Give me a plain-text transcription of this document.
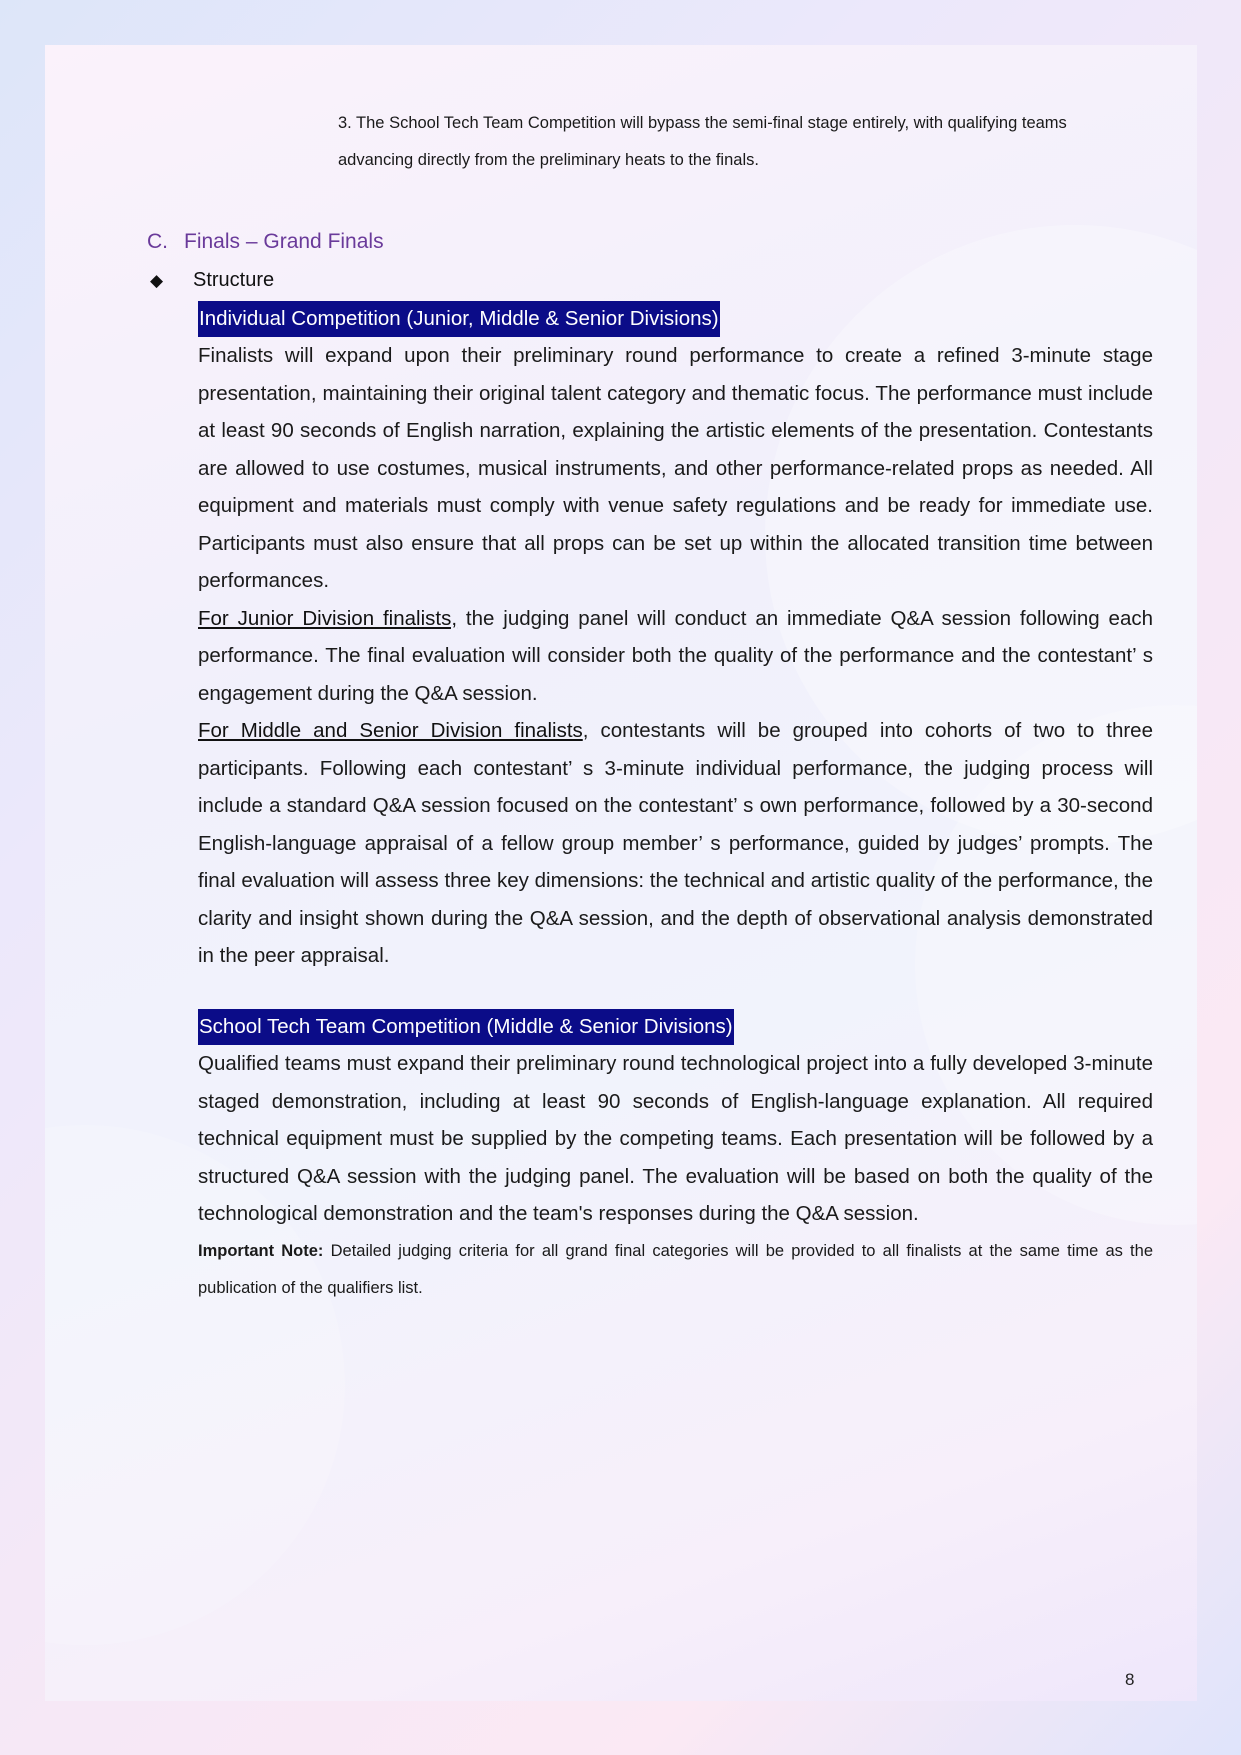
3. The School Tech Team Competition will bypass the semi-final stage entirely, with qualifying teams advancing directly from the preliminary heats to the finals.

C. Finals – Grand Finals
◆ Structure
Individual Competition (Junior, Middle & Senior Divisions)

Finalists will expand upon their preliminary round performance to create a refined 3-minute stage presentation, maintaining their original talent category and thematic focus. The performance must include at least 90 seconds of English narration, explaining the artistic elements of the presentation. Contestants are allowed to use costumes, musical instruments, and other performance-related props as needed. All equipment and materials must comply with venue safety regulations and be ready for immediate use. Participants must also ensure that all props can be set up within the allocated transition time between performances.

For Junior Division finalists, the judging panel will conduct an immediate Q&A session following each performance. The final evaluation will consider both the quality of the performance and the contestant’ s engagement during the Q&A session.

For Middle and Senior Division finalists, contestants will be grouped into cohorts of two to three participants. Following each contestant’ s 3-minute individual performance, the judging process will include a standard Q&A session focused on the contestant’ s own performance, followed by a 30-second English-language appraisal of a fellow group member’ s performance, guided by judges’ prompts. The final evaluation will assess three key dimensions: the technical and artistic quality of the performance, the clarity and insight shown during the Q&A session, and the depth of observational analysis demonstrated in the peer appraisal.

School Tech Team Competition (Middle & Senior Divisions)

Qualified teams must expand their preliminary round technological project into a fully developed 3-minute staged demonstration, including at least 90 seconds of English-language explanation. All required technical equipment must be supplied by the competing teams. Each presentation will be followed by a structured Q&A session with the judging panel. The evaluation will be based on both the quality of the technological demonstration and the team's responses during the Q&A session.

Important Note: Detailed judging criteria for all grand final categories will be provided to all finalists at the same time as the publication of the qualifiers list.

8
